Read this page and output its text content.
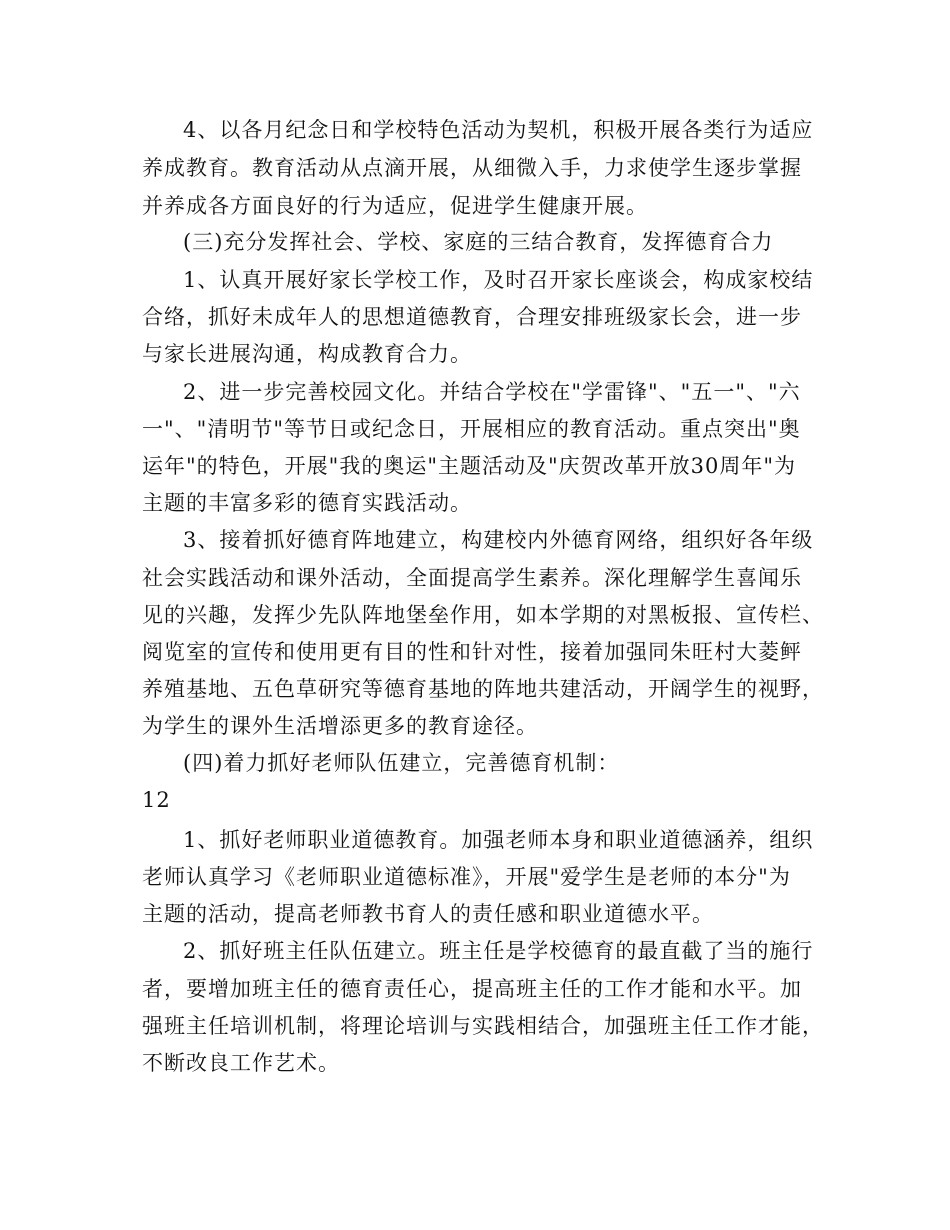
4、以各月纪念日和学校特色活动为契机，积极开展各类行为适应
养成教育。教育活动从点滴开展，从细微入手，力求使学生逐步掌握
并养成各方面良好的行为适应，促进学生健康开展。
(三)充分发挥社会、学校、家庭的三结合教育，发挥德育合力
1、认真开展好家长学校工作，及时召开家长座谈会，构成家校结
合络，抓好未成年人的思想道德教育，合理安排班级家长会，进一步
与家长进展沟通，构成教育合力。
2、进一步完善校园文化。并结合学校在"学雷锋"、"五一"、"六
一"、"清明节"等节日或纪念日，开展相应的教育活动。重点突出"奥
运年"的特色，开展"我的奥运"主题活动及"庆贺改革开放30周年"为
主题的丰富多彩的德育实践活动。
3、接着抓好德育阵地建立，构建校内外德育网络，组织好各年级
社会实践活动和课外活动，全面提高学生素养。深化理解学生喜闻乐
见的兴趣，发挥少先队阵地堡垒作用，如本学期的对黑板报、宣传栏、
阅览室的宣传和使用更有目的性和针对性，接着加强同朱旺村大菱鲆
养殖基地、五色草研究等德育基地的阵地共建活动，开阔学生的视野，
为学生的课外生活增添更多的教育途径。
(四)着力抓好老师队伍建立，完善德育机制：
12
1、抓好老师职业道德教育。加强老师本身和职业道德涵养，组织
老师认真学习《老师职业道德标准》，开展"爱学生是老师的本分"为
主题的活动，提高老师教书育人的责任感和职业道德水平。
2、抓好班主任队伍建立。班主任是学校德育的最直截了当的施行
者，要增加班主任的德育责任心，提高班主任的工作才能和水平。加
强班主任培训机制，将理论培训与实践相结合，加强班主任工作才能，
不断改良工作艺术。
